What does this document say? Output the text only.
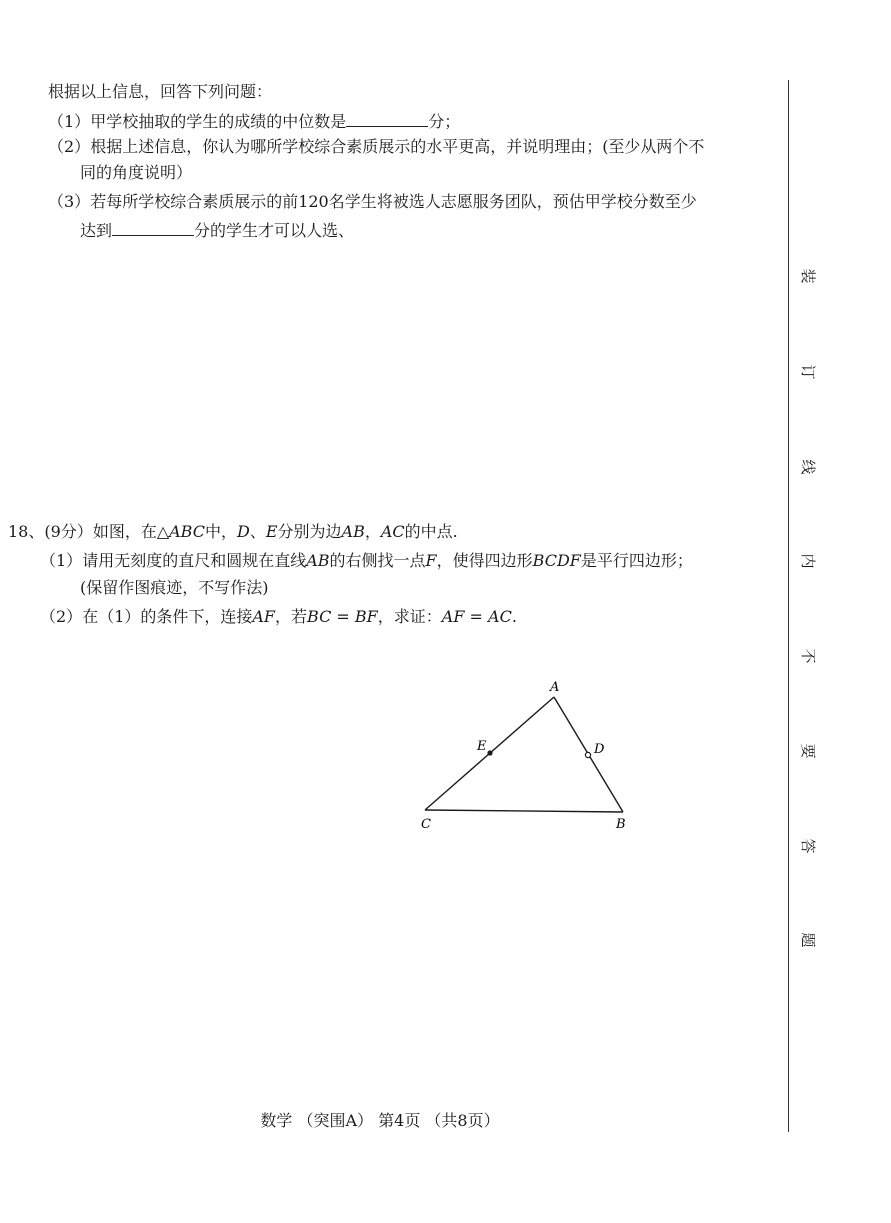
根据以上信息，回答下列问题：
（1）甲学校抽取的学生的成绩的中位数是	分；
（2）根据上述信息，你认为哪所学校综合素质展示的水平更高，并说明理由；(至少从两个不
同的角度说明）
（3）若每所学校综合素质展示的前120名学生将被选人志愿服务团队，预估甲学校分数至少
达到	分的学生才可以人选、
18、(9分）如图，在△ABC中，D、E分别为边AB，AC的中点.
（1）请用无刻度的直尺和圆规在直线AB的右侧找一点F，使得四边形BCDF是平行四边形；
(保留作图痕迹，不写作法)
（2）在（1）的条件下，连接AF，若BC = BF，求证：AF = AC.
A
B
C
D
E
装
订
线
内
不
要
答
题
数学 （突围A） 第4页 （共8页）
